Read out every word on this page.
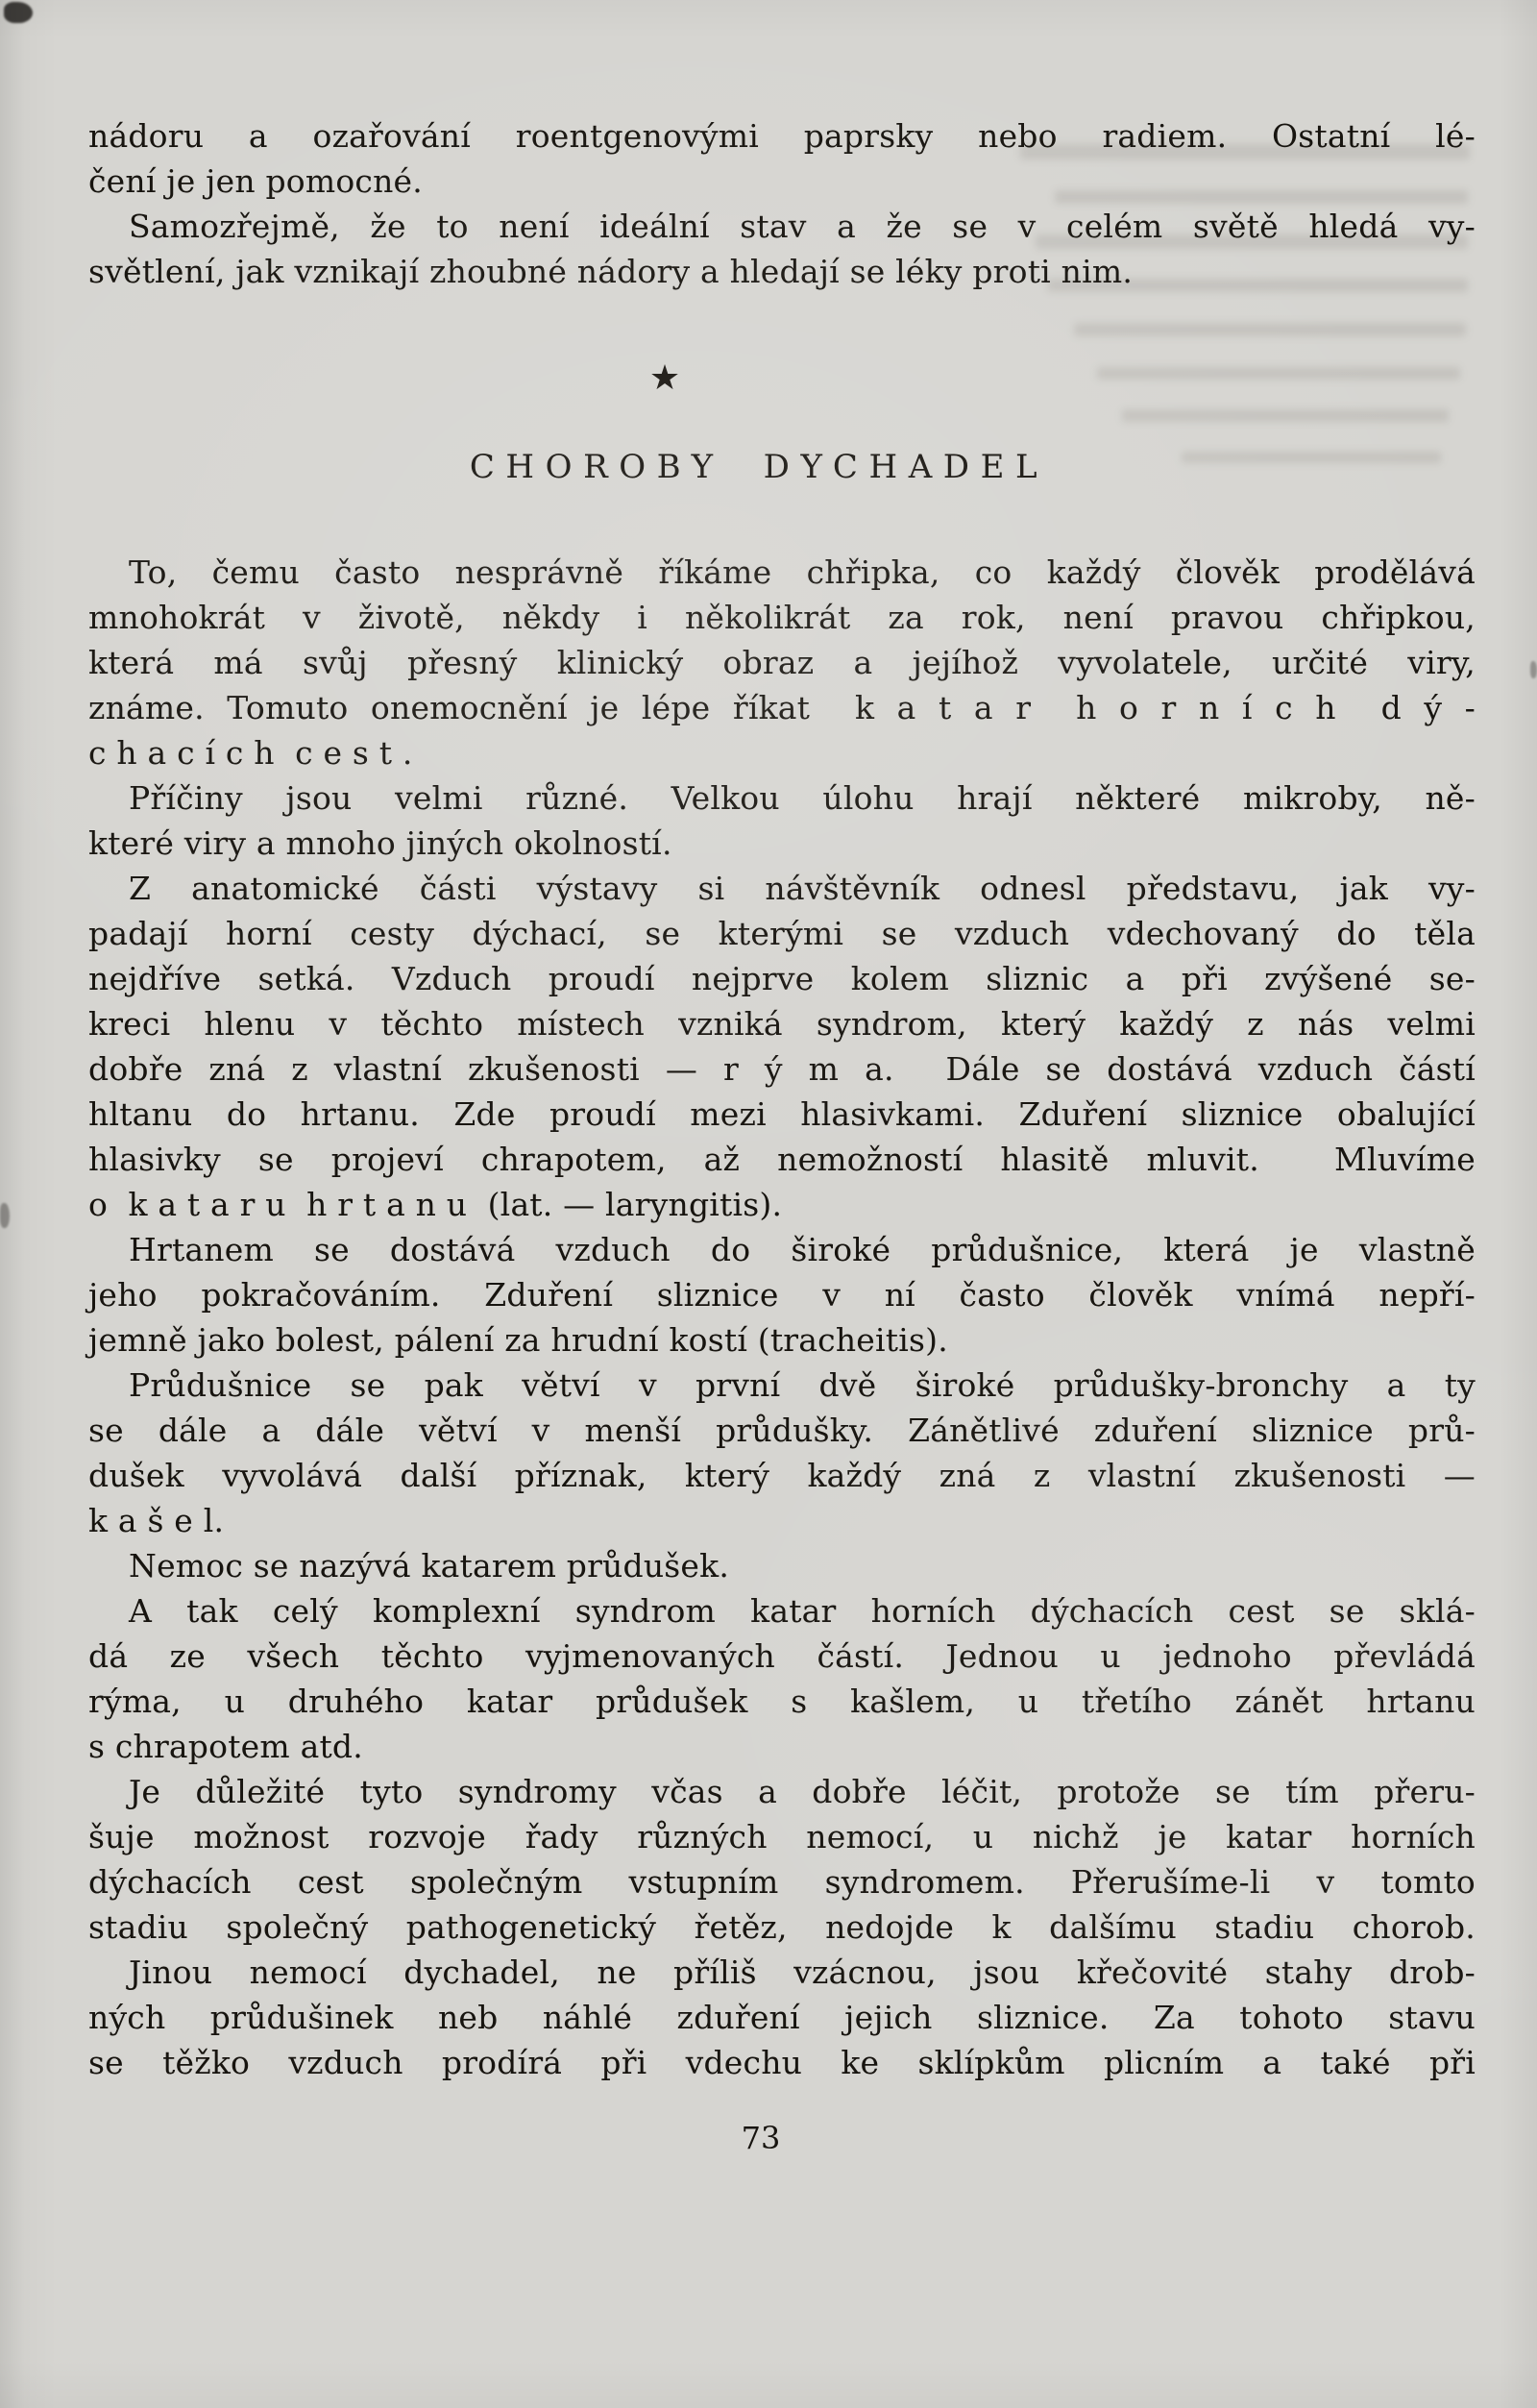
nádoru a ozařování roentgenovými paprsky nebo radiem. Ostatní lé-
čení je jen pomocné.
Samozřejmě, že to není ideální stav a že se v celém světě hledá vy-
světlení, jak vznikají zhoubné nádory a hledají se léky proti nim.
★
CHOROBY DYCHADEL
To, čemu často nesprávně říkáme chřipka, co každý člověk prodělává
mnohokrát v životě, někdy i několikrát za rok, není pravou chřipkou,
která má svůj přesný klinický obraz a jejíhož vyvolatele, určité viry,
známe. Tomuto onemocnění je lépe říkat  k a t a r  h o r n í c h  d ý -
c h a c í c h  c e s t .
Příčiny jsou velmi různé. Velkou úlohu hrají některé mikroby, ně-
které viry a mnoho jiných okolností.
Z anatomické části výstavy si návštěvník odnesl představu, jak vy-
padají horní cesty dýchací, se kterými se vzduch vdechovaný do těla
nejdříve setká. Vzduch proudí nejprve kolem sliznic a při zvýšené se-
kreci hlenu v těchto místech vzniká syndrom, který každý z nás velmi
dobře zná z vlastní zkušenosti — r ý m a.  Dále se dostává vzduch částí
hltanu do hrtanu. Zde proudí mezi hlasivkami. Zduření sliznice obalující
hlasivky se projeví chrapotem, až nemožností hlasitě mluvit.  Mluvíme
o  k a t a r u  h r t a n u  (lat. — laryngitis).
Hrtanem se dostává vzduch do široké průdušnice, která je vlastně
jeho pokračováním. Zduření sliznice v ní často člověk vnímá nepří-
jemně jako bolest, pálení za hrudní kostí (tracheitis).
Průdušnice se pak větví v první dvě široké průdušky-bronchy a ty
se dále a dále větví v menší průdušky. Zánětlivé zduření sliznice prů-
dušek vyvolává další příznak, který každý zná z vlastní zkušenosti —
k a š e l.
Nemoc se nazývá katarem průdušek.
A tak celý komplexní syndrom katar horních dýchacích cest se sklá-
dá ze všech těchto vyjmenovaných částí. Jednou u jednoho převládá
rýma, u druhého katar průdušek s kašlem, u třetího zánět hrtanu
s chrapotem atd.
Je důležité tyto syndromy včas a dobře léčit, protože se tím přeru-
šuje možnost rozvoje řady různých nemocí, u nichž je katar horních
dýchacích cest společným vstupním syndromem. Přerušíme-li v tomto
stadiu společný pathogenetický řetěz, nedojde k dalšímu stadiu chorob.
Jinou nemocí dychadel, ne příliš vzácnou, jsou křečovité stahy drob-
ných průdušinek neb náhlé zduření jejich sliznice. Za tohoto stavu
se těžko vzduch prodírá při vdechu ke sklípkům plicním a také při
73
